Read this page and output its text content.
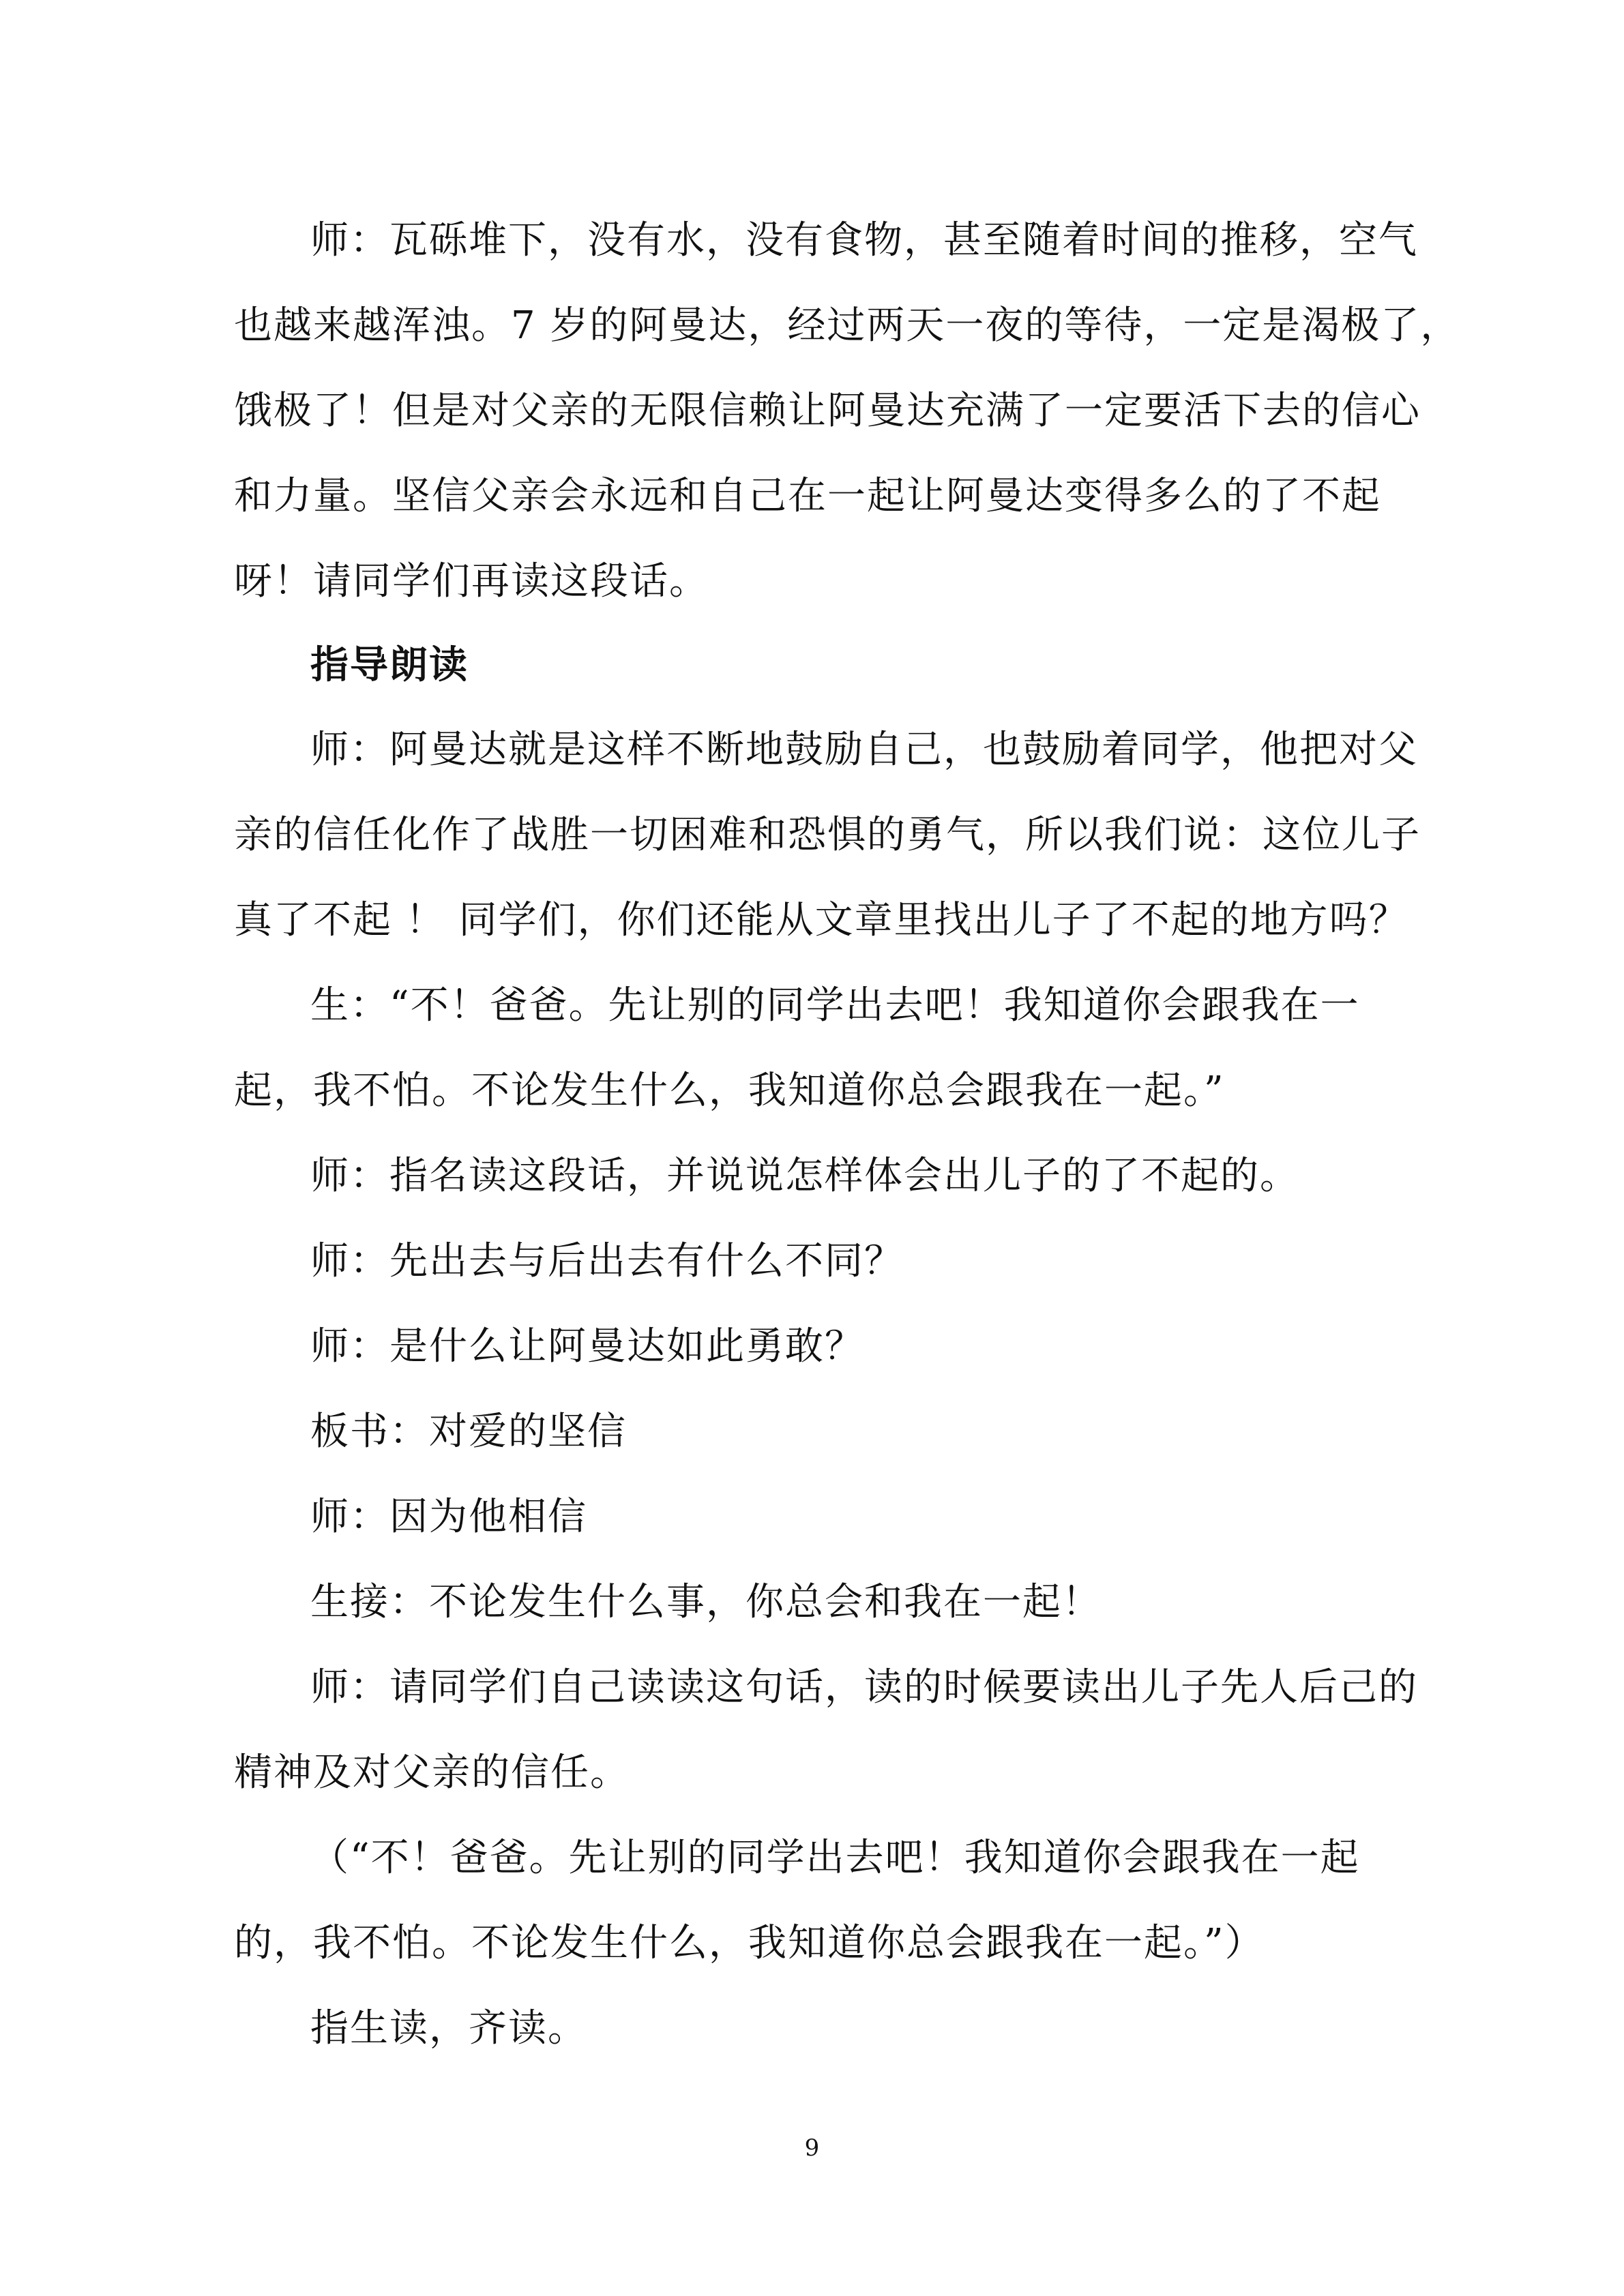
师：瓦砾堆下，没有水，没有食物，甚至随着时间的推移，空气
也越来越浑浊。7 岁的阿曼达，经过两天一夜的等待，一定是渴极了，
饿极了！但是对父亲的无限信赖让阿曼达充满了一定要活下去的信心
和力量。坚信父亲会永远和自己在一起让阿曼达变得多么的了不起
呀！请同学们再读这段话。
指导朗读
师：阿曼达就是这样不断地鼓励自己，也鼓励着同学，他把对父
亲的信任化作了战胜一切困难和恐惧的勇气，所以我们说：这位儿子
真了不起 ！ 同学们，你们还能从文章里找出儿子了不起的地方吗？
生：“不！爸爸。先让别的同学出去吧！我知道你会跟我在一
起，我不怕。不论发生什么，我知道你总会跟我在一起。”
师：指名读这段话，并说说怎样体会出儿子的了不起的。
师：先出去与后出去有什么不同？
师：是什么让阿曼达如此勇敢？
板书：对爱的坚信
师：因为他相信
生接：不论发生什么事，你总会和我在一起！
师：请同学们自己读读这句话，读的时候要读出儿子先人后己的
精神及对父亲的信任。
（“不！爸爸。先让别的同学出去吧！我知道你会跟我在一起
的，我不怕。不论发生什么，我知道你总会跟我在一起。”）
指生读，齐读。
9
